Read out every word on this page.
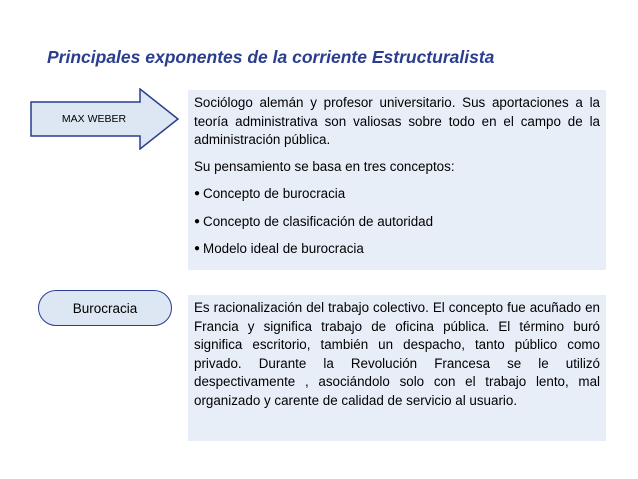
Principales exponentes de la corriente Estructuralista
MAX WEBER

Sociólogo alemán y profesor universitario. Sus aportaciones a la teoría administrativa son valiosas sobre todo en el campo de la administración pública.

Su pensamiento se basa en tres conceptos:

● Concepto de burocracia

● Concepto de clasificación de autoridad

● Modelo ideal de burocracia

Burocracia	Es racionalización del trabajo colectivo. El concepto fue acuñado en Francia y significa trabajo de oficina pública. El término buró significa escritorio, también un despacho, tanto público como privado. Durante la Revolución Francesa se le utilizó despectivamente , asociándolo solo con el trabajo lento, mal organizado y carente de calidad de servicio al usuario.
